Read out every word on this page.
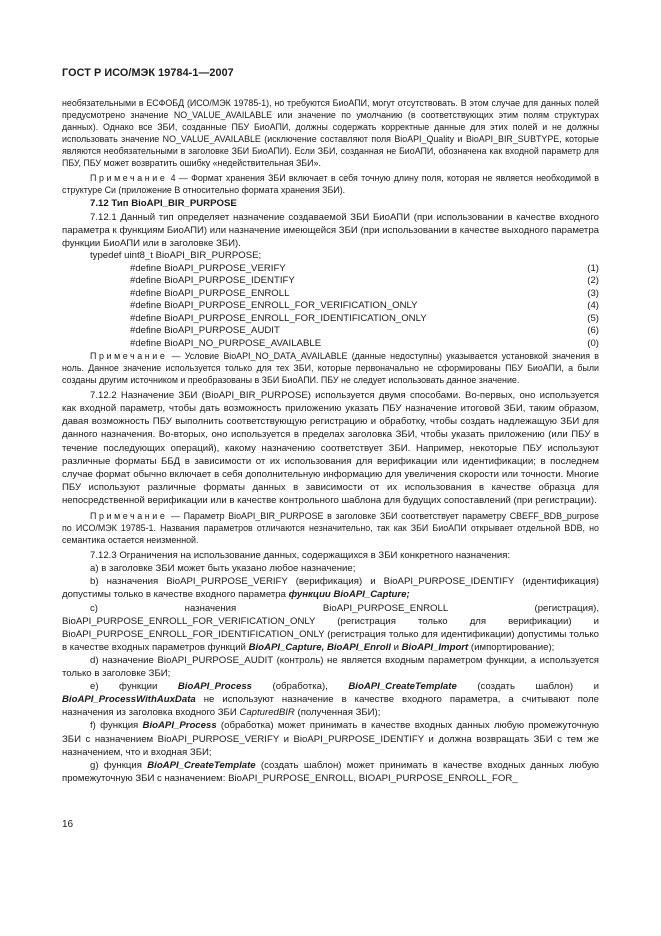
ГОСТ Р ИСО/МЭК 19784-1—2007

необязательными в ЕСФОБД (ИСО/МЭК 19785-1), но требуются БиоАПИ, могут отсутствовать. В этом случае для данных полей предусмотрено значение NO_VALUE_AVAILABLE или значение по умолчанию (в соответствующих этим полям структурах данных). Однако все ЗБИ, созданные ПБУ БиоАПИ, должны содержать корректные данные для этих полей и не должны использовать значение NO_VALUE_AVAILABLE (исключение составляют поля BioAPI_Quality и BioAPI_BIR_SUBTYPE, которые являются необязательными в заголовке ЗБИ БиоАПИ). Если ЗБИ, созданная не БиоАПИ, обозначена как входной параметр для ПБУ, ПБУ может возвратить ошибку «недействительная ЗБИ».

Примечание 4 — Формат хранения ЗБИ включает в себя точную длину поля, которая не является необходимой в структуре Си (приложение В относительно формата хранения ЗБИ).

7.12 Тип BioAPI_BIR_PURPOSE

7.12.1 Данный тип определяет назначение создаваемой ЗБИ БиоАПИ (при использовании в качестве входного параметра к функциям БиоАПИ) или назначение имеющейся ЗБИ (при использовании в качестве выходного параметра функции БиоАПИ или в заголовке ЗБИ).

typedef uint8_t BioAPI_BIR_PURPOSE;
#define BioAPI_PURPOSE_VERIFY	(1)
#define BioAPI_PURPOSE_IDENTIFY	(2)
#define BioAPI_PURPOSE_ENROLL	(3)
#define BioAPI_PURPOSE_ENROLL_FOR_VERIFICATION_ONLY	(4)
#define BioAPI_PURPOSE_ENROLL_FOR_IDENTIFICATION_ONLY	(5)
#define BioAPI_PURPOSE_AUDIT	(6)
#define BioAPI_NO_PURPOSE_AVAILABLE	(0)

Примечание — Условие BioAPI_NO_DATA_AVAILABLE (данные недоступны) указывается установкой значения в ноль. Данное значение используется только для тех ЗБИ, которые первоначально не сформированы ПБУ БиоАПИ, а были созданы другим источником и преобразованы в ЗБИ БиоАПИ. ПБУ не следует использовать данное значение.

7.12.2 Назначение ЗБИ (BioAPI_BIR_PURPOSE) используется двумя способами. Во-первых, оно используется как входной параметр, чтобы дать возможность приложению указать ПБУ назначение итоговой ЗБИ, таким образом, давая возможность ПБУ выполнить соответствующую регистрацию и обработку, чтобы создать надлежащую ЗБИ для данного назначения. Во-вторых, оно используется в пределах заголовка ЗБИ, чтобы указать приложению (или ПБУ в течение последующих операций), какому назначению соответствует ЗБИ. Например, некоторые ПБУ используют различные форматы ББД в зависимости от их использования для верификации или идентификации; в последнем случае формат обычно включает в себя дополнительную информацию для увеличения скорости или точности. Многие ПБУ используют различные форматы данных в зависимости от их использования в качестве образца для непосредственной верификации или в качестве контрольного шаблона для будущих сопоставлений (при регистрации).

Примечание — Параметр BioAPI_BIR_PURPOSE в заголовке ЗБИ соответствует параметру CBEFF_BDB_purpose по ИСО/МЭК 19785-1. Названия параметров отличаются незначительно, так как ЗБИ БиоАПИ открывает отдельной BDB, но семантика остается неизменной.

7.12.3 Ограничения на использование данных, содержащихся в ЗБИ конкретного назначения:

a) в заголовке ЗБИ может быть указано любое назначение;

b) назначения BioAPI_PURPOSE_VERIFY (верификация) и BioAPI_PURPOSE_IDENTIFY (идентификация) допустимы только в качестве входного параметра функции BioAPI_Capture;

c) назначения BioAPI_PURPOSE_ENROLL (регистрация), BioAPI_PURPOSE_ENROLL_FOR_VERIFICATION_ONLY (регистрация только для верификации) и BioAPI_PURPOSE_ENROLL_FOR_IDENTIFICATION_ONLY (регистрация только для идентификации) допустимы только в качестве входных параметров функций BioAPI_Capture, BioAPI_Enroll и BioAPI_Import (импортирование);

d) назначение BioAPI_PURPOSE_AUDIT (контроль) не является входным параметром функции, а используется только в заголовке ЗБИ;

e) функции BioAPI_Process (обработка), BioAPI_CreateTemplate (создать шаблон) и BioAPI_ProcessWithAuxData не используют назначение в качестве входного параметра, а считывают поле назначения из заголовка входного ЗБИ CapturedBIR (полученная ЗБИ);

f) функция BioAPI_Process (обработка) может принимать в качестве входных данных любую промежуточную ЗБИ с назначением BioAPI_PURPOSE_VERIFY и BioAPI_PURPOSE_IDENTIFY и должна возвращать ЗБИ с тем же назначением, что и входная ЗБИ;

g) функция BioAPI_CreateTemplate (создать шаблон) может принимать в качестве входных данных любую промежуточную ЗБИ с назначением: BioAPI_PURPOSE_ENROLL, BIOAPI_PURPOSE_ENROLL_FOR_

16
